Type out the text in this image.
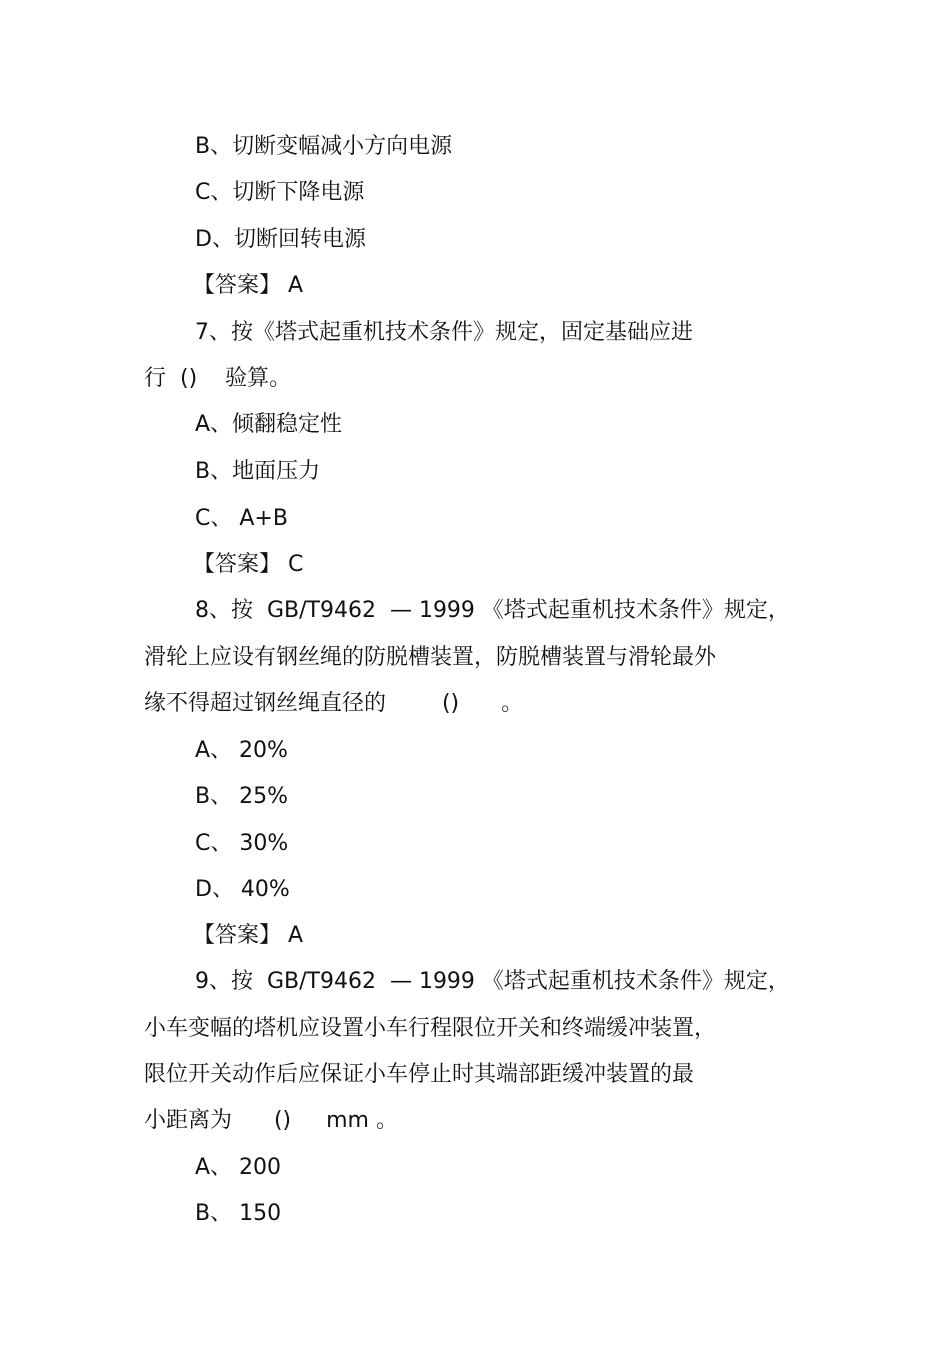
B、切断变幅减小方向电源
C、切断下降电源
D、切断回转电源
【答案】 A
7、按《塔式起重机技术条件》规定，固定基础应进
行  ()    验算。
A、倾翻稳定性
B、地面压力
C、 A+B
【答案】 C
8、按  GB/T9462  — 1999 《塔式起重机技术条件》规定，
滑轮上应设有钢丝绳的防脱槽装置，防脱槽装置与滑轮最外
缘不得超过钢丝绳直径的        ()      。
A、 20%
B、 25%
C、 30%
D、 40%
【答案】 A
9、按  GB/T9462  — 1999 《塔式起重机技术条件》规定，
小车变幅的塔机应设置小车行程限位开关和终端缓冲装置，
限位开关动作后应保证小车停止时其端部距缓冲装置的最
小距离为      ()     mm 。
A、 200
B、 150
